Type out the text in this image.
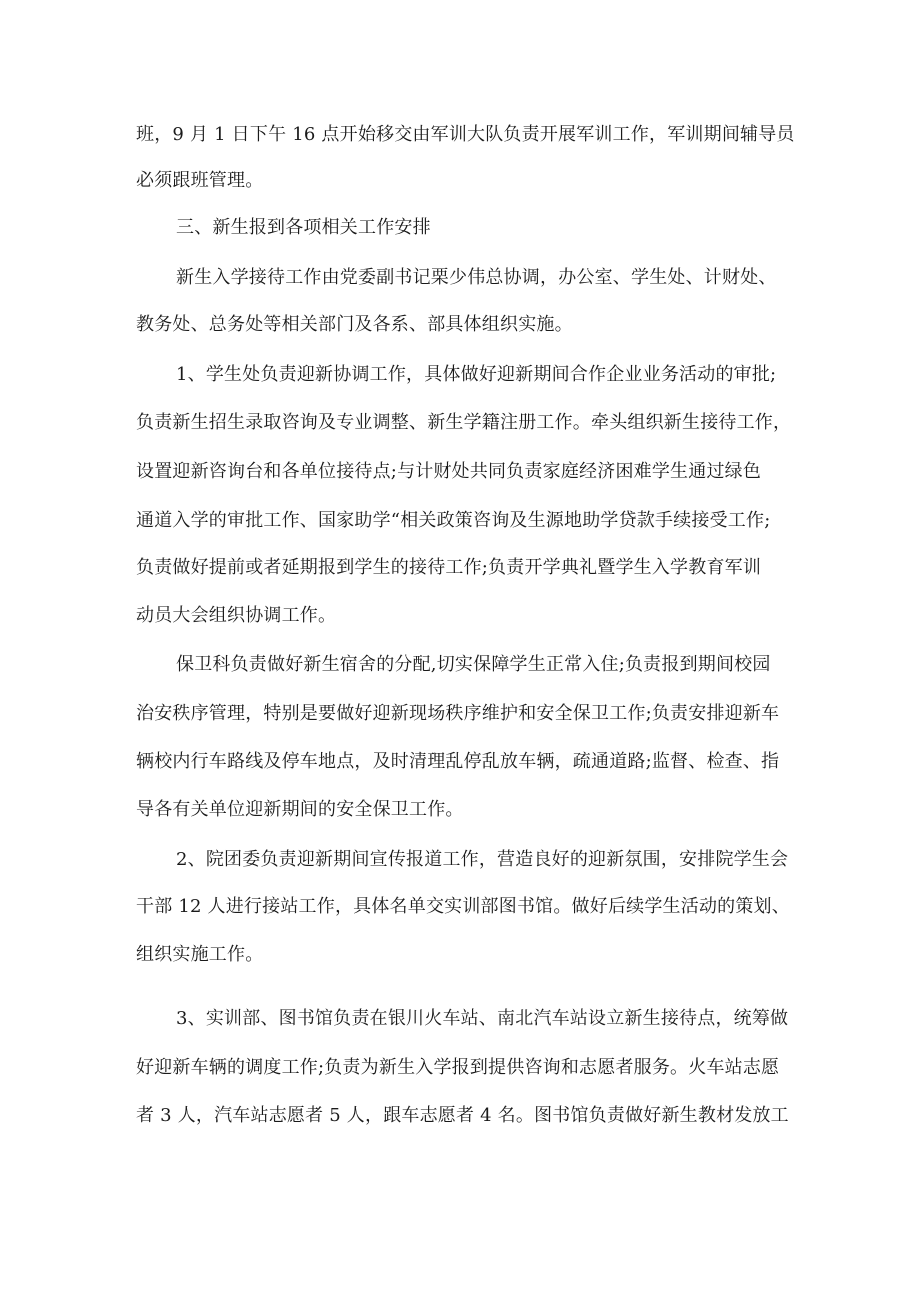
班，9 月 1 日下午 16 点开始移交由军训大队负责开展军训工作，军训期间辅导员
必须跟班管理。
三、新生报到各项相关工作安排
新生入学接待工作由党委副书记栗少伟总协调，办公室、学生处、计财处、
教务处、总务处等相关部门及各系、部具体组织实施。
1、学生处负责迎新协调工作，具体做好迎新期间合作企业业务活动的审批;
负责新生招生录取咨询及专业调整、新生学籍注册工作。牵头组织新生接待工作，
设置迎新咨询台和各单位接待点;与计财处共同负责家庭经济困难学生通过绿色
通道入学的审批工作、国家助学“相关政策咨询及生源地助学贷款手续接受工作;
负责做好提前或者延期报到学生的接待工作;负责开学典礼暨学生入学教育军训
动员大会组织协调工作。
保卫科负责做好新生宿舍的分配,切实保障学生正常入住;负责报到期间校园
治安秩序管理，特别是要做好迎新现场秩序维护和安全保卫工作;负责安排迎新车
辆校内行车路线及停车地点，及时清理乱停乱放车辆，疏通道路;监督、检查、指
导各有关单位迎新期间的安全保卫工作。
2、院团委负责迎新期间宣传报道工作，营造良好的迎新氛围，安排院学生会
干部 12 人进行接站工作，具体名单交实训部图书馆。做好后续学生活动的策划、
组织实施工作。
3、实训部、图书馆负责在银川火车站、南北汽车站设立新生接待点，统筹做
好迎新车辆的调度工作;负责为新生入学报到提供咨询和志愿者服务。火车站志愿
者 3 人，汽车站志愿者 5 人，跟车志愿者 4 名。图书馆负责做好新生教材发放工
